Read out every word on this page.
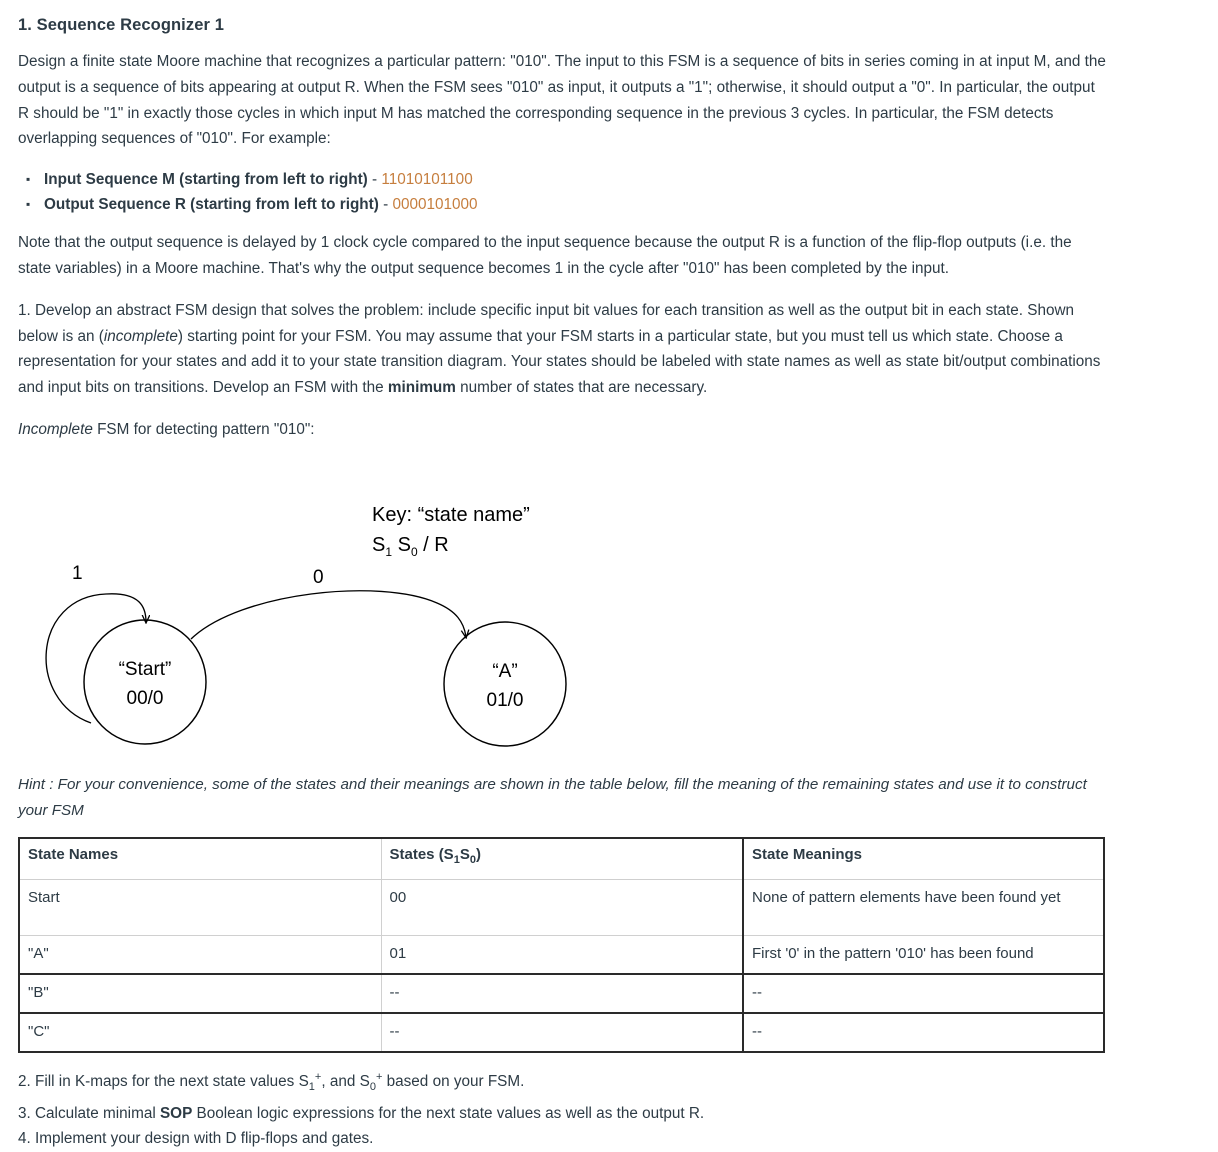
1. Sequence Recognizer 1

Design a finite state Moore machine that recognizes a particular pattern: "010". The input to this FSM is a sequence of bits in series coming in at input M, and the output is a sequence of bits appearing at output R. When the FSM sees "010" as input, it outputs a "1"; otherwise, it should output a "0". In particular, the output R should be "1" in exactly those cycles in which input M has matched the corresponding sequence in the previous 3 cycles. In particular, the FSM detects overlapping sequences of "010". For example:

▪ Input Sequence M (starting from left to right) - 11010101100
▪ Output Sequence R (starting from left to right) - 0000101000

Note that the output sequence is delayed by 1 clock cycle compared to the input sequence because the output R is a function of the flip-flop outputs (i.e. the state variables) in a Moore machine. That's why the output sequence becomes 1 in the cycle after "010" has been completed by the input.

1. Develop an abstract FSM design that solves the problem: include specific input bit values for each transition as well as the output bit in each state. Shown below is an (incomplete) starting point for your FSM. You may assume that your FSM starts in a particular state, but you must tell us which state. Choose a representation for your states and add it to your state transition diagram. Your states should be labeled with state names as well as state bit/output combinations and input bits on transitions. Develop an FSM with the minimum number of states that are necessary.

Incomplete FSM for detecting pattern "010":

Key: “state name”
$S_1$ $S_0$ / R
1	0
“Start”
00/0
“A”
01/0

Hint : For your convenience, some of the states and their meanings are shown in the table below, fill the meaning of the remaining states and use it to construct your FSM

State Names	States $(S_1S_0)$	State Meanings
Start	00	None of pattern elements have been found yet
"A"	01	First '0' in the pattern '010' has been found
"B"	--	--
"C"	--	--
2. Fill in K-maps for the next state values $S_1^+$, and $S_0^+$ based on your FSM.
3. Calculate minimal SOP Boolean logic expressions for the next state values as well as the output R.
4. Implement your design with D flip-flops and gates.
